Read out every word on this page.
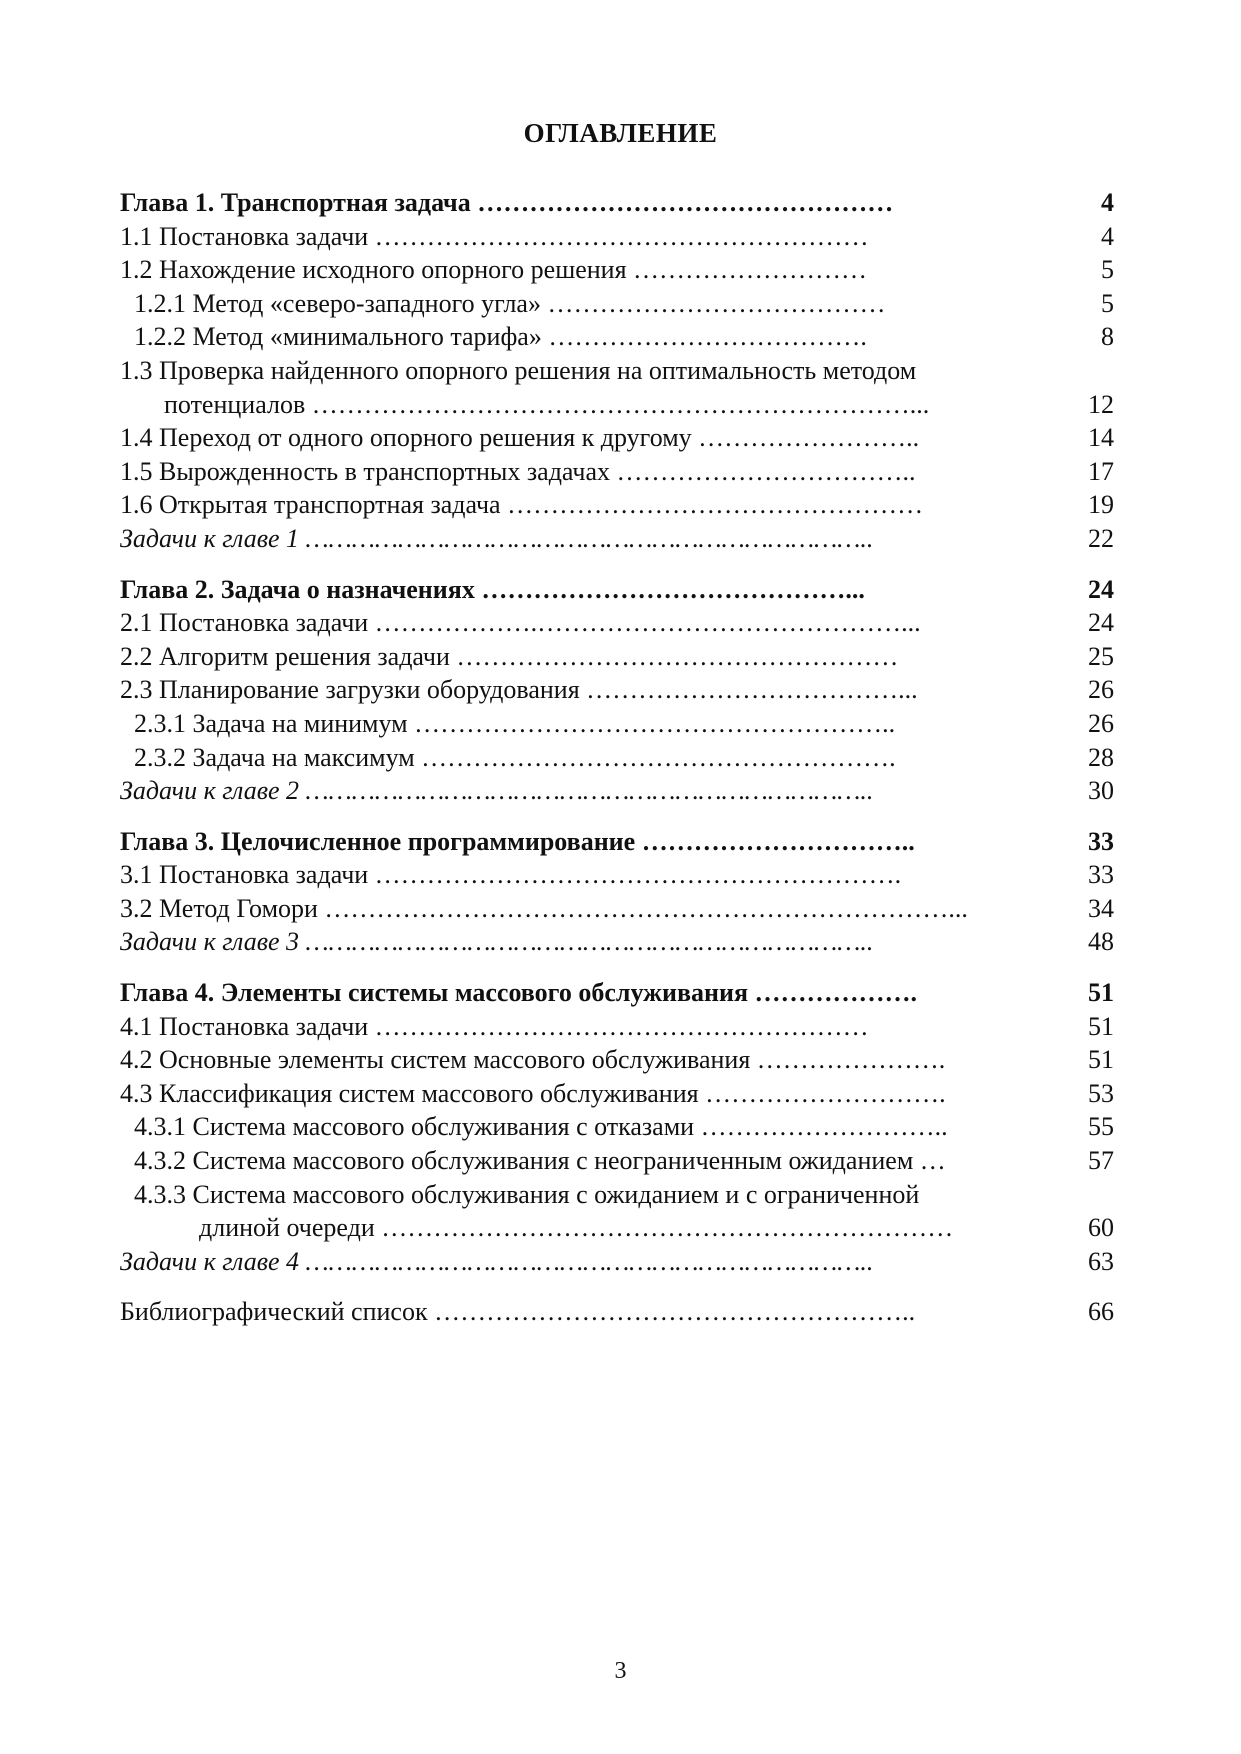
ОГЛАВЛЕНИЕ
Глава 1. Транспортная задача …………………………………………	4
1.1 Постановка задачи …………………………………………………	4
1.2 Нахождение исходного опорного решения ………………………	5
1.2.1 Метод «северо-западного угла» …………………………………	5
1.2.2 Метод «минимального тарифа» ……………………………….	8
1.3 Проверка найденного опорного решения на оптимальность методом
потенциалов ……………………………………………………………...	12
1.4 Переход от одного опорного решения к другому ……………………..	14
1.5 Вырожденность в транспортных задачах ……………………………..	17
1.6 Открытая транспортная задача …………………………………………	19
Задачи к главе 1 ………………………………………………………………..	22
Глава 2. Задача о назначениях ……………………………………...	24
2.1 Постановка задачи ……………….……………………………………...	24
2.2 Алгоритм решения задачи ……………………………………………	25
2.3 Планирование загрузки оборудования ………………………………...	26
2.3.1 Задача на минимум ………………………………………………..	26
2.3.2 Задача на максимум ……………………………………………….	28
Задачи к главе 2 ………………………………………………………………..	30
Глава 3. Целочисленное программирование …………………………..	33
3.1 Постановка задачи …………………………………………………….	33
3.2 Метод Гомори ………………………………………………………………...	34
Задачи к главе 3 ………………………………………………………………..	48
Глава 4. Элементы системы массового обслуживания ……………….	51
4.1 Постановка задачи …………………………………………………	51
4.2 Основные элементы систем массового обслуживания ………………….	51
4.3 Классификация систем массового обслуживания ……………………….	53
4.3.1 Система массового обслуживания с отказами ………………………..	55
4.3.2 Система массового обслуживания с неограниченным ожиданием …	57
4.3.3 Система массового обслуживания с ожиданием и с ограниченной
длиной очереди …………………………………………………………	60
Задачи к главе 4 ………………………………………………………………..	63
Библиографический список ………………………………………………..	66
3
